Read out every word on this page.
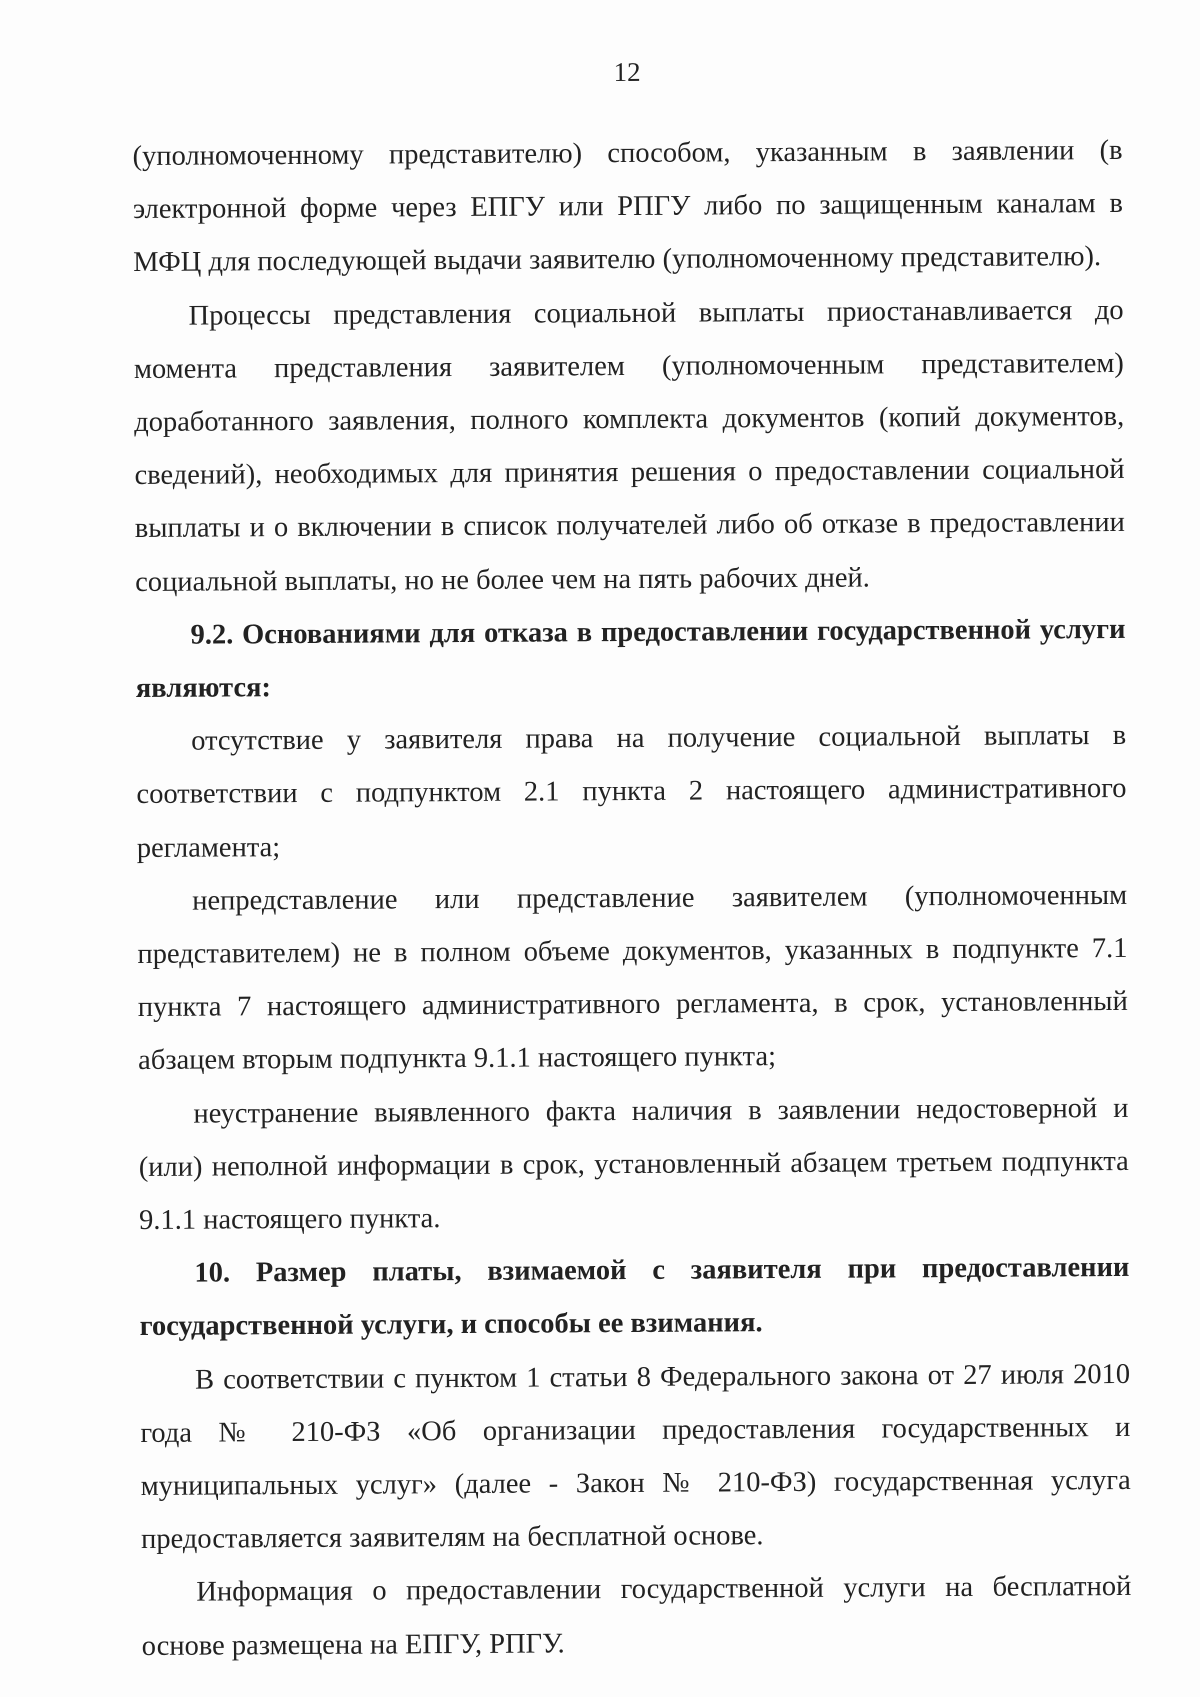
12

(уполномоченному представителю) способом, указанным в заявлении (в электронной форме через ЕПГУ или РПГУ либо по защищенным каналам в МФЦ для последующей выдачи заявителю (уполномоченному представителю).

Процессы представления социальной выплаты приостанавливается до момента представления заявителем (уполномоченным представителем) доработанного заявления, полного комплекта документов (копий документов, сведений), необходимых для принятия решения о предоставлении социальной выплаты и о включении в список получателей либо об отказе в предоставлении социальной выплаты, но не более чем на пять рабочих дней.

9.2. Основаниями для отказа в предоставлении государственной услуги являются:

отсутствие у заявителя права на получение социальной выплаты в соответствии с подпунктом 2.1 пункта 2 настоящего административного регламента;

непредставление или представление заявителем (уполномоченным представителем) не в полном объеме документов, указанных в подпункте 7.1 пункта 7 настоящего административного регламента, в срок, установленный абзацем вторым подпункта 9.1.1 настоящего пункта;

неустранение выявленного факта наличия в заявлении недостоверной и (или) неполной информации в срок, установленный абзацем третьем подпункта 9.1.1 настоящего пункта.

10. Размер платы, взимаемой с заявителя при предоставлении государственной услуги, и способы ее взимания.

В соответствии с пунктом 1 статьи 8 Федерального закона от 27 июля 2010 года № 210-ФЗ «Об организации предоставления государственных и муниципальных услуг» (далее - Закон № 210-ФЗ) государственная услуга предоставляется заявителям на бесплатной основе.

Информация о предоставлении государственной услуги на бесплатной основе размещена на ЕПГУ, РПГУ.
